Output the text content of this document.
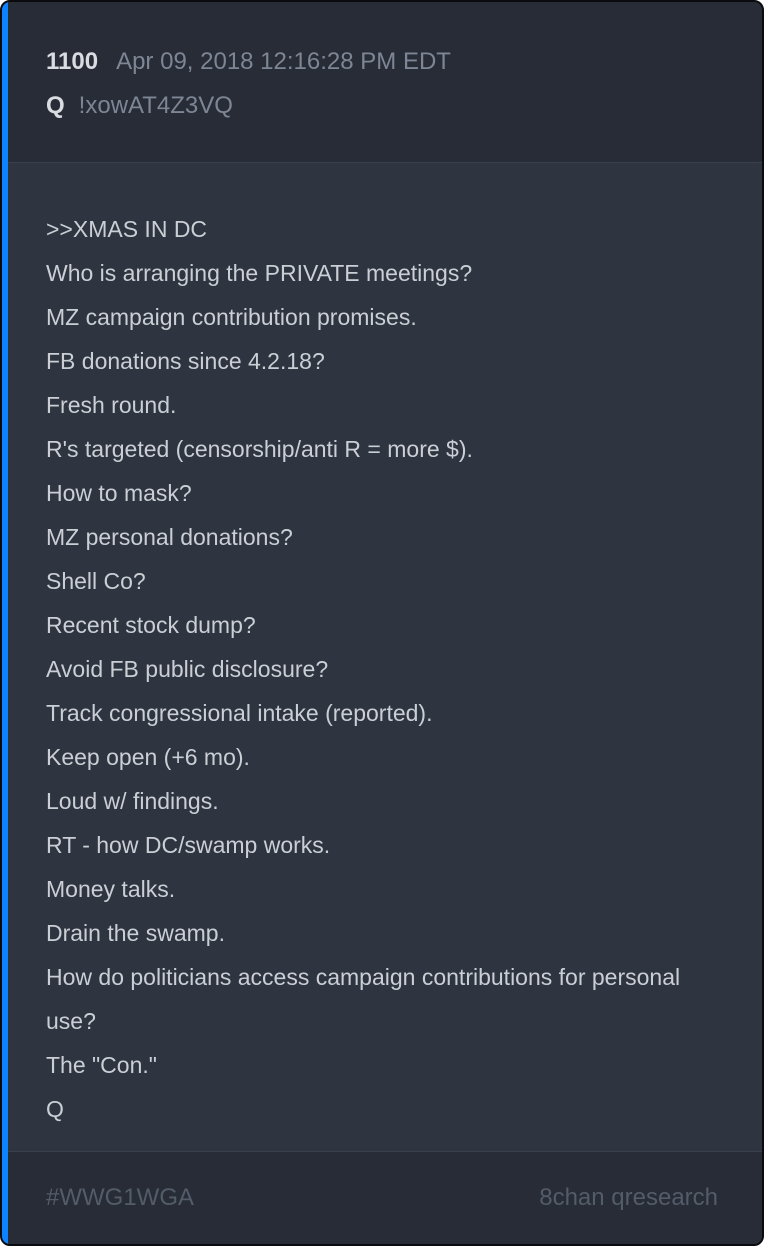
1100 Apr 09, 2018 12:16:28 PM EDT
Q !xowAT4Z3VQ
>>XMAS IN DC
Who is arranging the PRIVATE meetings?
MZ campaign contribution promises.
FB donations since 4.2.18?
Fresh round.
R's targeted (censorship/anti R = more $).
How to mask?
MZ personal donations?
Shell Co?
Recent stock dump?
Avoid FB public disclosure?
Track congressional intake (reported).
Keep open (+6 mo).
Loud w/ findings.
RT - how DC/swamp works.
Money talks.
Drain the swamp.
How do politicians access campaign contributions for personal use?
The "Con."
Q
#WWG1WGA	8chan qresearch
